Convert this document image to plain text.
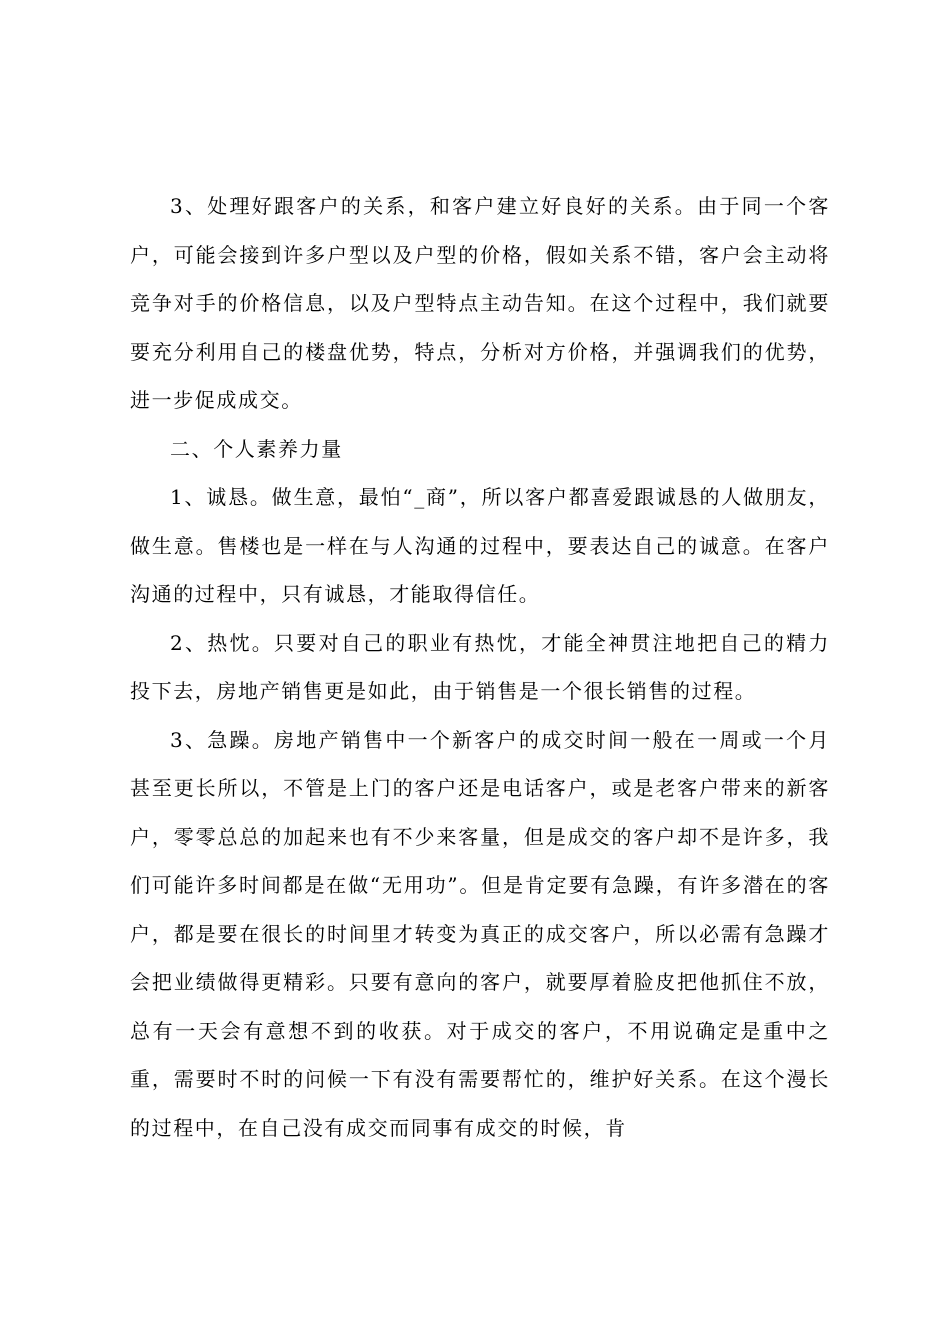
3、处理好跟客户的关系，和客户建立好良好的关系。由于同一个客户，可能会接到许多户型以及户型的价格，假如关系不错，客户会主动将竞争对手的价格信息，以及户型特点主动告知。在这个过程中，我们就要要充分利用自己的楼盘优势，特点，分析对方价格，并强调我们的优势，进一步促成成交。

二、个人素养力量

1、诚恳。做生意，最怕“_商”，所以客户都喜爱跟诚恳的人做朋友，做生意。售楼也是一样在与人沟通的过程中，要表达自己的诚意。在客户沟通的过程中，只有诚恳，才能取得信任。

2、热忱。只要对自己的职业有热忱，才能全神贯注地把自己的精力投下去，房地产销售更是如此，由于销售是一个很长销售的过程。

3、急躁。房地产销售中一个新客户的成交时间一般在一周或一个月甚至更长所以，不管是上门的客户还是电话客户，或是老客户带来的新客户，零零总总的加起来也有不少来客量，但是成交的客户却不是许多，我们可能许多时间都是在做“无用功”。但是肯定要有急躁，有许多潜在的客户，都是要在很长的时间里才转变为真正的成交客户，所以必需有急躁才会把业绩做得更精彩。只要有意向的客户，就要厚着脸皮把他抓住不放，总有一天会有意想不到的收获。对于成交的客户，不用说确定是重中之重，需要时不时的问候一下有没有需要帮忙的，维护好关系。在这个漫长的过程中，在自己没有成交而同事有成交的时候，肯
